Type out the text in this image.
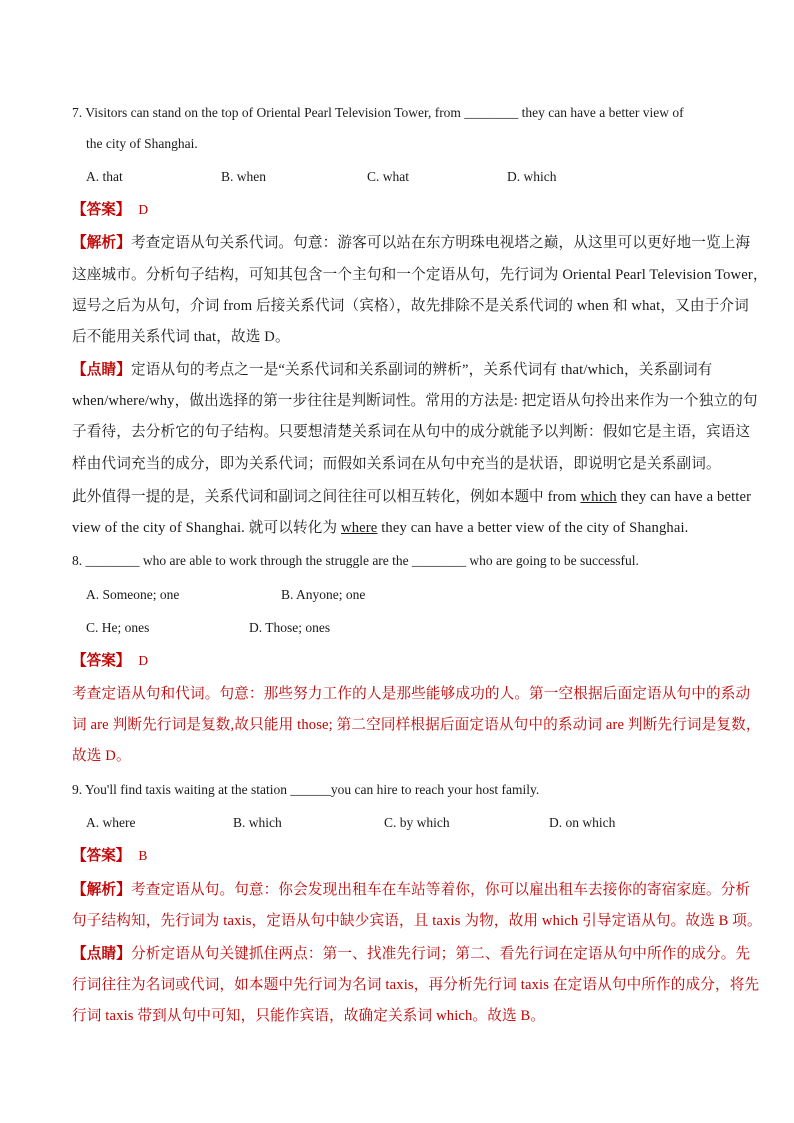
7. Visitors can stand on the top of Oriental Pearl Television Tower, from ________ they can have a better view of
the city of Shanghai.
A. that	B. when	C. what	D. which
【答案】 D
【解析】考查定语从句关系代词。句意：游客可以站在东方明珠电视塔之巅，从这里可以更好地一览上海
这座城市。分析句子结构，可知其包含一个主句和一个定语从句，先行词为 Oriental Pearl Television Tower，
逗号之后为从句，介词 from 后接关系代词（宾格），故先排除不是关系代词的 when 和 what，又由于介词
后不能用关系代词 that，故选 D。
【点睛】定语从句的考点之一是“关系代词和关系副词的辨析”，关系代词有 that/which，关系副词有
when/where/why，做出选择的第一步往往是判断词性。常用的方法是: 把定语从句拎出来作为一个独立的句
子看待，去分析它的句子结构。只要想清楚关系词在从句中的成分就能予以判断：假如它是主语，宾语这
样由代词充当的成分，即为关系代词；而假如关系词在从句中充当的是状语，即说明它是关系副词。
此外值得一提的是，关系代词和副词之间往往可以相互转化，例如本题中 from which they can have a better
view of the city of Shanghai. 就可以转化为 where they can have a better view of the city of Shanghai.
8. ________ who are able to work through the struggle are the ________ who are going to be successful.
A. Someone; one	B. Anyone; one
C. He; ones	D. Those; ones
【答案】 D
考查定语从句和代词。句意：那些努力工作的人是那些能够成功的人。第一空根据后面定语从句中的系动
词 are 判断先行词是复数,故只能用 those; 第二空同样根据后面定语从句中的系动词 are 判断先行词是复数，
故选 D。
9. You'll find taxis waiting at the station ______you can hire to reach your host family.
A. where	B. which	C. by which	D. on which
【答案】 B
【解析】考查定语从句。句意：你会发现出租车在车站等着你，你可以雇出租车去接你的寄宿家庭。分析
句子结构知，先行词为 taxis，定语从句中缺少宾语，且 taxis 为物，故用 which 引导定语从句。故选 B 项。
【点睛】分析定语从句关键抓住两点：第一、找准先行词；第二、看先行词在定语从句中所作的成分。先
行词往往为名词或代词，如本题中先行词为名词 taxis，再分析先行词 taxis 在定语从句中所作的成分，将先
行词 taxis 带到从句中可知，只能作宾语，故确定关系词 which。故选 B。
